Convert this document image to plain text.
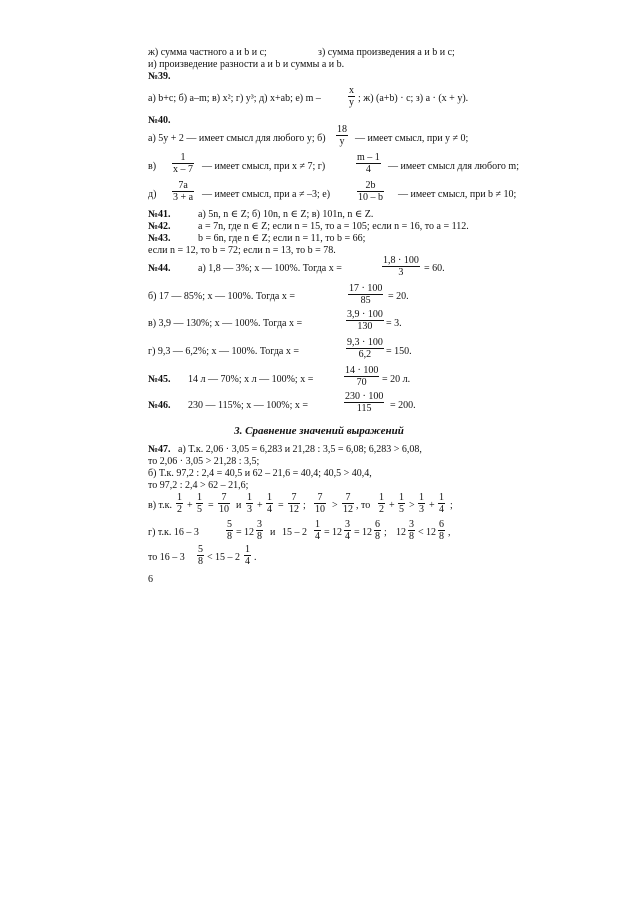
ж) сумма частного a и b и c;	з) сумма произведения a и b и c;
и) произведение разности a и b и суммы a и b.
№39.
а) b+c; б) a–m; в) x²; г) y³; д) x+ab; е) m –	$\frac{x}{y}$ ; ж) (a+b) · c; з) a · (x + y).
№40.
а) 5y + 2 — имеет смысл для любого y; $б) \frac{18}{y}$ — имеет смысл, при y ≠ 0;
$в) \frac{1}{x - 7}$ — имеет смысл, при x ≠ 7; г)	$\frac{m - 1}{4}$ — имеет смысл для любого m;
$д) \frac{7a}{3 + a}$ — имеет смысл, при a ≠ –3; е)	$\frac{2b}{10 - b}$ — имеет смысл, при b ≠ 10;
№41.	а) 5n, n ∈ Z; б) 10n, n ∈ Z; в) 101n, n ∈ Z.
№42.	a = 7n, где n ∈ Z; если n = 15, то a = 105; если n = 16, то a = 112.
№43.	b = 6n, где n ∈ Z; если n = 11, то b = 66;
если n = 12, то b = 72; если n = 13, то b = 78.
№44.	а) 1,8 — 3%; x — 100%. Тогда x =	$\frac{1,8 \cdot 100}{3} = 60$.
б) 17 — 85%; x — 100%. Тогда x =	$\frac{17 \cdot 100}{85} = 20$.
в) 3,9 — 130%; x — 100%. Тогда x =	$\frac{3,9 \cdot 100}{130} = 3$.
г) 9,3 — 6,2%; x — 100%. Тогда x =	$\frac{9,3 \cdot 100}{6,2} = 150$.
№45. 14 л — 70%; x л — 100%; x =	$\frac{14 \cdot 100}{70} = 20$ л.
№46. 230 — 115%; x — 100%; x =	$\frac{230 \cdot 100}{115} = 200$.
3. Сравнение значений выражений
№47. а) Т.к. 2,06 · 3,05 = 6,283 и 21,28 : 3,5 = 6,08; 6,283 > 6,08,
то 2,06 · 3,05 > 21,28 : 3,5;
б) Т.к. 97,2 : 2,4 = 40,5 и 62 – 21,6 = 40,4; 40,5 > 40,4,
то 97,2 : 2,4 > 62 – 21,6;
в) т.к. $\frac{1}{2} + \frac{1}{5} = \frac{7}{10}$ и $\frac{1}{3} + \frac{1}{4} = \frac{7}{12}$ ; $\frac{7}{10} > \frac{7}{12}$ , то $\frac{1}{2} + \frac{1}{5} > \frac{1}{3} + \frac{1}{4}$ ;
г) т.к. 16 – 3	$\frac{5}{8} = 12 \frac{3}{8}$ и $15 - 2 \frac{1}{4} = 12 \frac{3}{4} = 12 \frac{6}{8}$ ; $12 \frac{3}{8} < 12 \frac{6}{8}$ ,
то $16 - 3 \frac{5}{8} < 15 - 2 \frac{1}{4}$ .
6
